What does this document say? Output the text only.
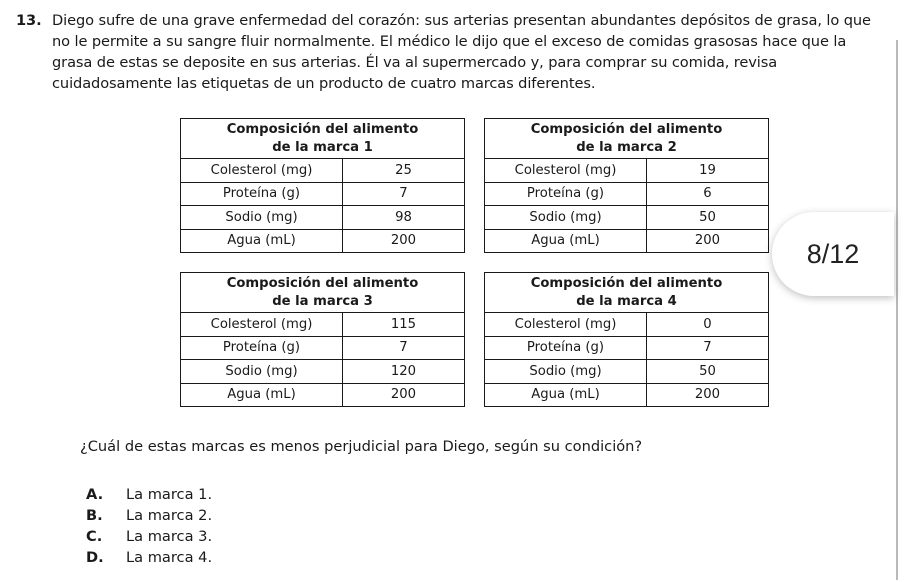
13. Diego sufre de una grave enfermedad del corazón: sus arterias presentan abundantes depósitos de grasa, lo que no le permite a su sangre fluir normalmente. El médico le dijo que el exceso de comidas grasosas hace que la grasa de estas se deposite en sus arterias. Él va al supermercado y, para comprar su comida, revisa cuidadosamente las etiquetas de un producto de cuatro marcas diferentes.
Composición del alimento
de la marca 1
Colesterol (mg)	25
Proteína (g)	7
Sodio (mg)	98
Agua (mL)	200
Composición del alimento
de la marca 2
Colesterol (mg)	19
Proteína (g)	6
Sodio (mg)	50
Agua (mL)	200
Composición del alimento
de la marca 3
Colesterol (mg)	115
Proteína (g)	7
Sodio (mg)	120
Agua (mL)	200
Composición del alimento
de la marca 4
Colesterol (mg)	0
Proteína (g)	7
Sodio (mg)	50
Agua (mL)	200
8/12
¿Cuál de estas marcas es menos perjudicial para Diego, según su condición?
A.	La marca 1.
B.	La marca 2.
C.	La marca 3.
D.	La marca 4.
